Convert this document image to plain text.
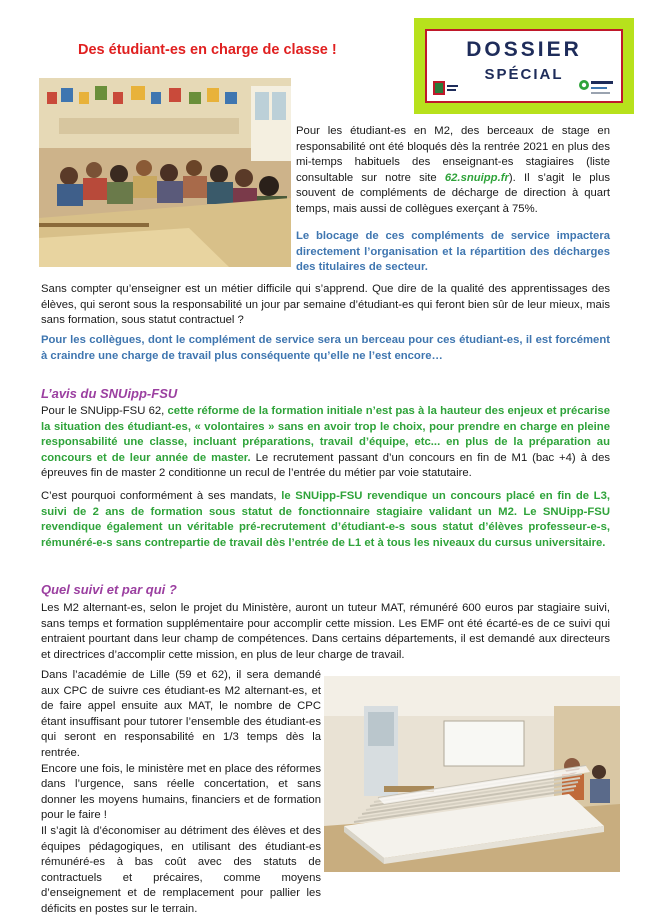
Des étudiant-es en charge de classe !	DOSSIER
SPÉCIAL

Pour les étudiant-es en M2, des berceaux de stage en responsabilité ont été bloqués dès la rentrée 2021 en plus des mi-temps habituels des enseignant-es stagiaires (liste consultable sur notre site 62.snuipp.fr). Il s’agit le plus souvent de compléments de décharge de direction à quart temps, mais aussi de collègues exerçant à 75%.

Le blocage de ces compléments de service impactera directement l’organisation et la répartition des décharges des titulaires de secteur.
Sans compter qu’enseigner est un métier difficile qui s’apprend. Que dire de la qualité des apprentissages des élèves, qui seront sous la responsabilité un jour par semaine d’étudiant-es qui feront bien sûr de leur mieux, mais sans formation, sous statut contractuel ?
Pour les collègues, dont le complément de service sera un berceau pour ces étudiant-es, il est forcément à craindre une charge de travail plus conséquente qu’elle ne l’est encore…
L’avis du SNUipp-FSU

Pour le SNUipp-FSU 62, cette réforme de la formation initiale n’est pas à la hauteur des enjeux et précarise la situation des étudiant-es, « volontaires » sans en avoir trop le choix, pour prendre en charge en pleine responsabilité une classe, incluant préparations, travail d’équipe, etc... en plus de la préparation au concours et de leur année de master. Le recrutement passant d’un concours en fin de M1 (bac +4) à des épreuves fin de master 2 conditionne un recul de l’entrée du métier par voie statutaire.

C’est pourquoi conformément à ses mandats, le SNUipp-FSU revendique un concours placé en fin de L3, suivi de 2 ans de formation sous statut de fonctionnaire stagiaire validant un M2. Le SNUipp-FSU revendique également un véritable pré-recrutement d’étudiant-e-s sous statut d’élèves professeur-e-s, rémunéré-e-s sans contrepartie de travail dès l’entrée de L1 et à tous les niveaux du cursus universitaire.

Quel suivi et par qui ?
Les M2 alternant-es, selon le projet du Ministère, auront un tuteur MAT, rémunéré 600 euros par stagiaire suivi, sans temps et formation supplémentaire pour accomplir cette mission. Les EMF ont été écarté-es de ce suivi qui entraient pourtant dans leur champ de compétences. Dans certains départements, il est demandé aux directeurs et directrices d’accomplir cette mission, en plus de leur charge de travail.

Dans l’académie de Lille (59 et 62), il sera demandé aux CPC de suivre ces étudiant-es M2 alternant-es, et de faire appel ensuite aux MAT, le nombre de CPC étant insuffisant pour tutorer l’ensemble des étudiant-es qui seront en responsabilité en 1/3 temps dès la rentrée.

Encore une fois, le ministère met en place des réformes dans l’urgence, sans réelle concertation, et sans donner les moyens humains, financiers et de formation pour le faire !

Il s’agit là d’économiser au détriment des élèves et des équipes pédagogiques, en utilisant des étudiant-es rémunéré-es à bas coût avec des statuts de contractuels et précaires, comme moyens d’enseignement et de remplacement pour pallier les déficits en postes sur le terrain.
